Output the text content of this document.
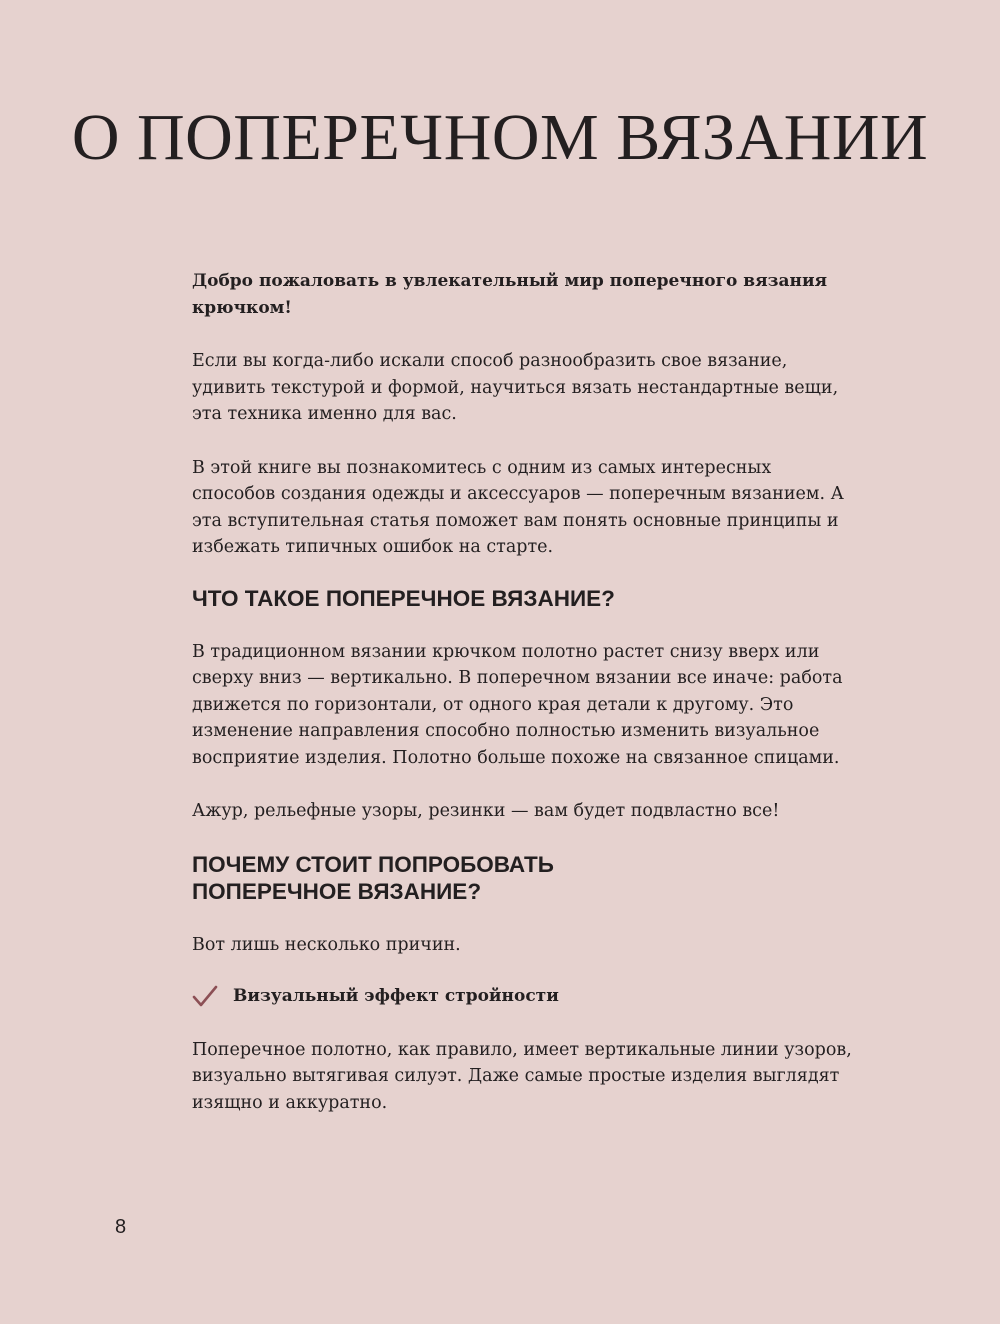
О ПОПЕРЕЧНОМ ВЯЗАНИИ

Добро пожаловать в увлекательный мир поперечного вязания крючком!

Если вы когда-либо искали способ разнообразить свое вязание, удивить текстурой и формой, научиться вязать нестандартные вещи, эта техника именно для вас.

В этой книге вы познакомитесь с одним из самых интересных способов создания одежды и аксессуаров — поперечным вязанием. А эта вступительная статья поможет вам понять основные принципы и избежать типичных ошибок на старте.

ЧТО ТАКОЕ ПОПЕРЕЧНОЕ ВЯЗАНИЕ?

В традиционном вязании крючком полотно растет снизу вверх или сверху вниз — вертикально. В поперечном вязании все иначе: работа движется по горизонтали, от одного края детали к другому. Это изменение направления способно полностью изменить визуальное восприятие изделия. Полотно больше похоже на связанное спицами.

Ажур, рельефные узоры, резинки — вам будет подвластно все!

ПОЧЕМУ СТОИТ ПОПРОБОВАТЬ
ПОПЕРЕЧНОЕ ВЯЗАНИЕ?

Вот лишь несколько причин.

Визуальный эффект стройности

Поперечное полотно, как правило, имеет вертикальные линии узоров, визуально вытягивая силуэт. Даже самые простые изделия выглядят изящно и аккуратно.

8
